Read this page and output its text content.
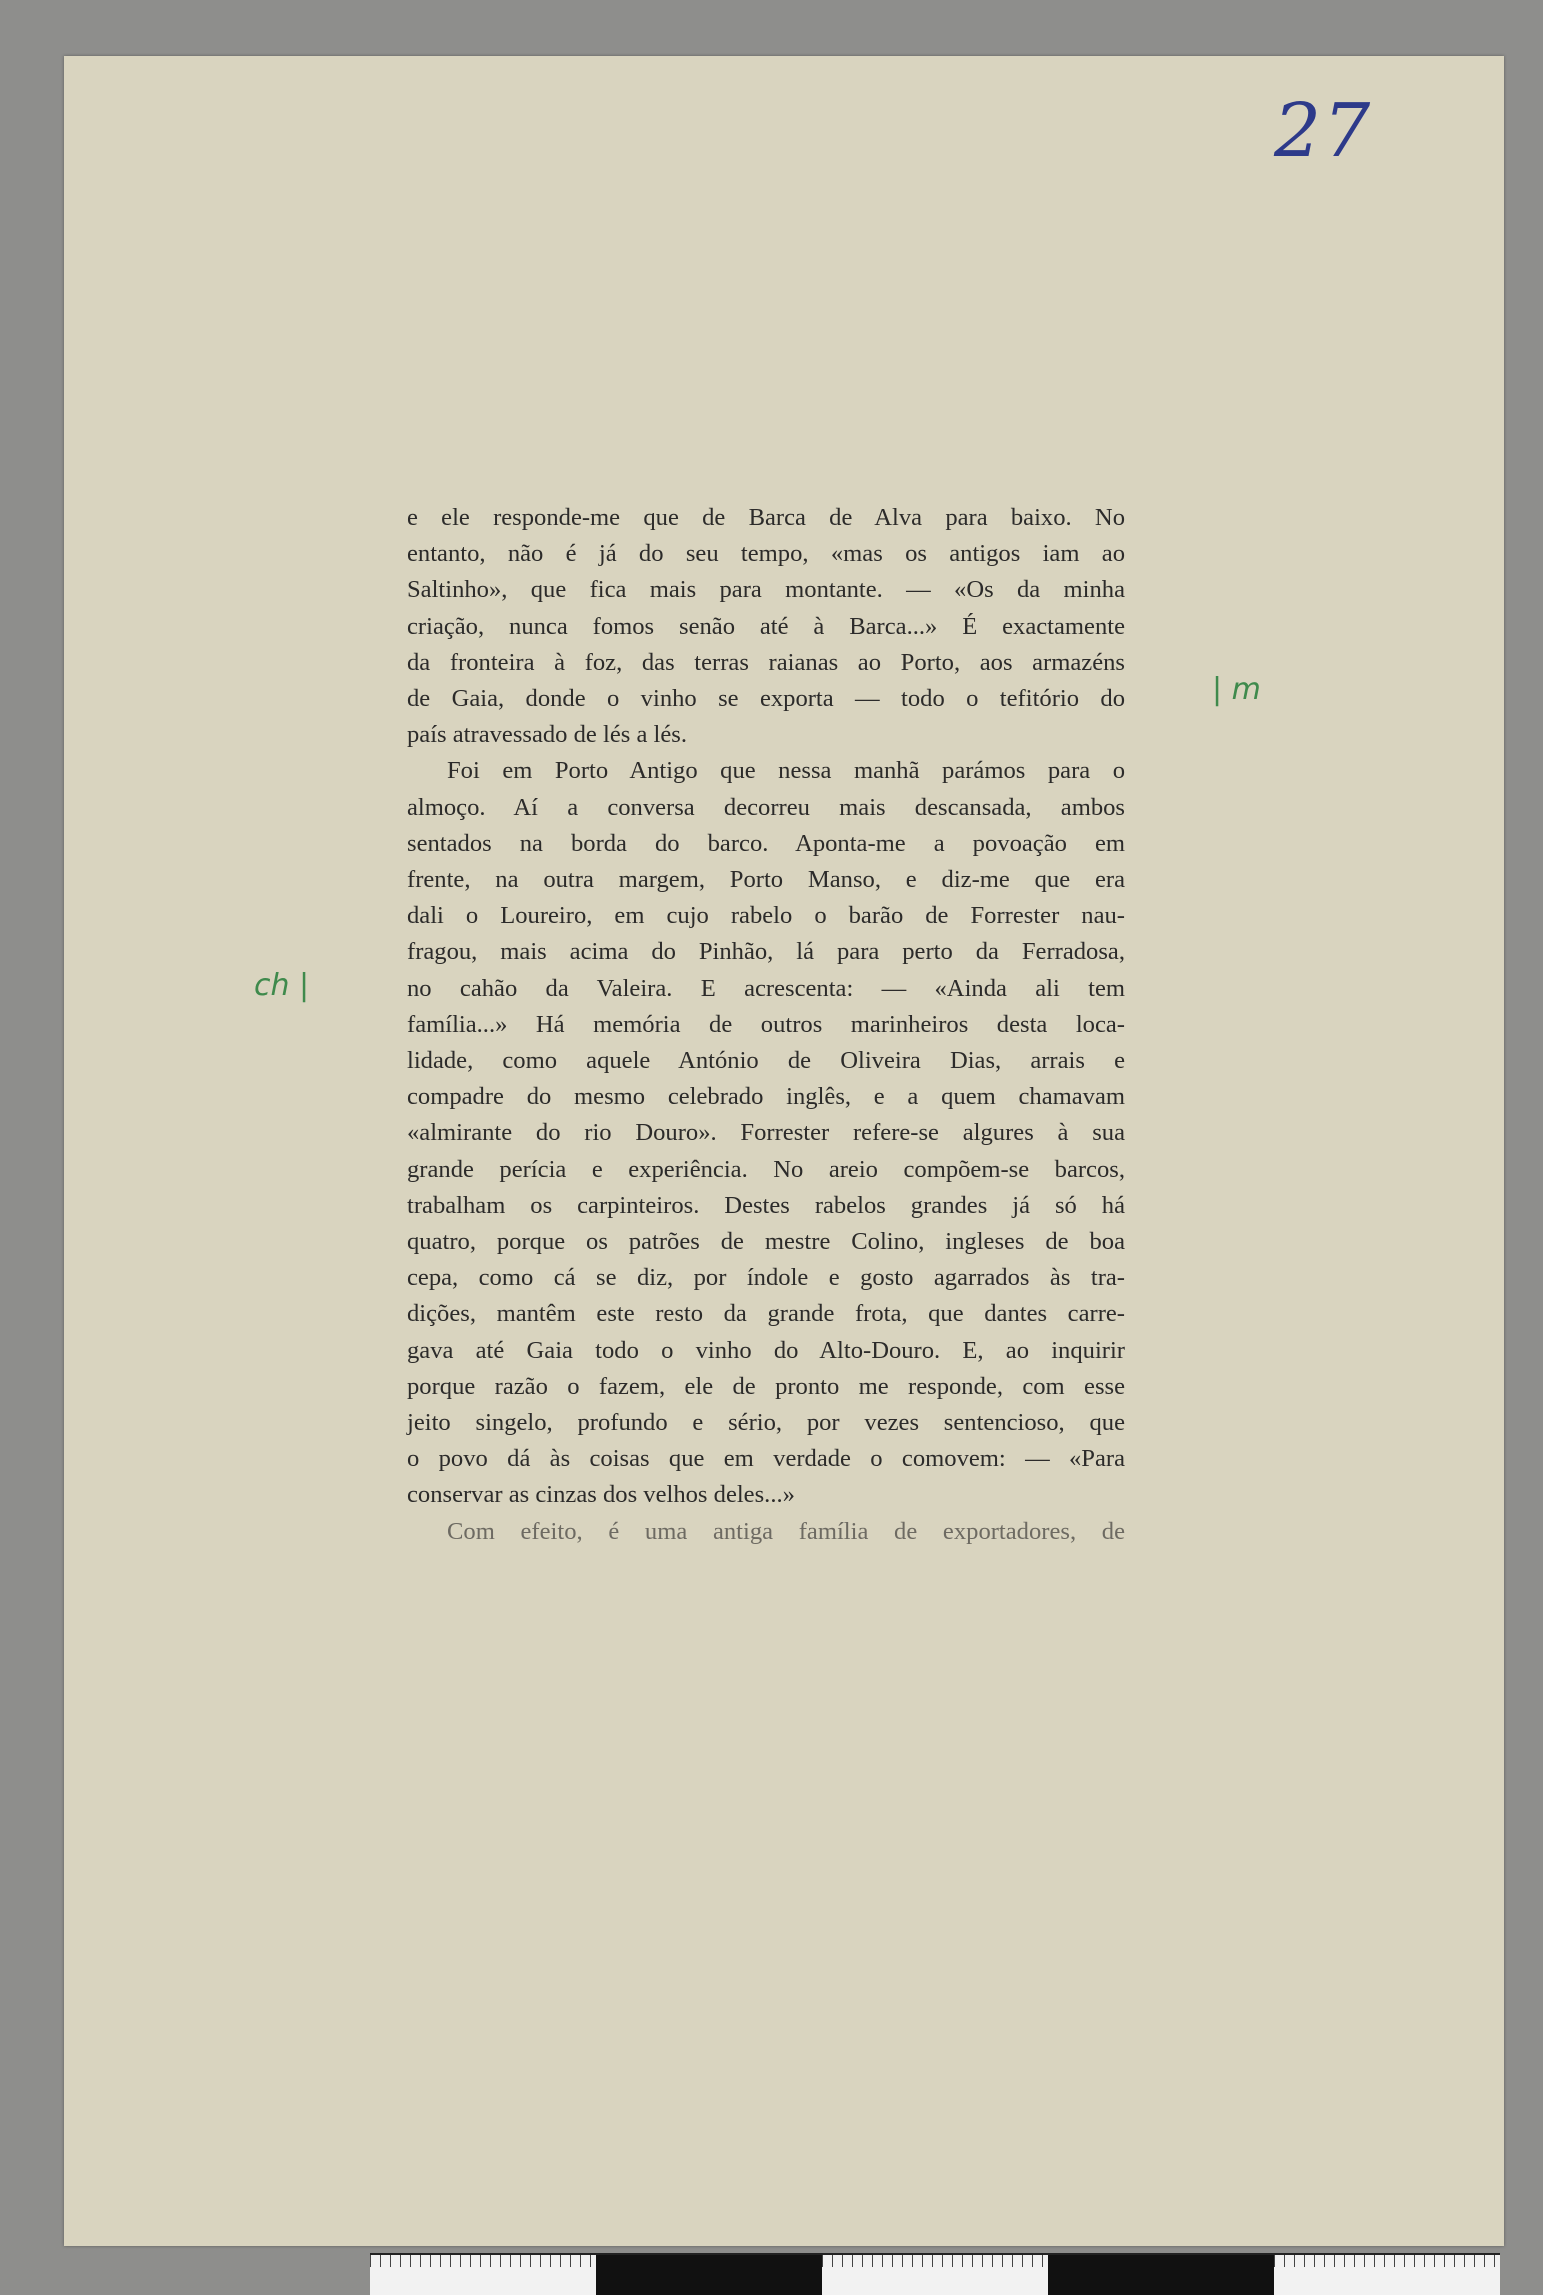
27
e ele responde-me que de Barca de Alva para baixo. No
entanto, não é já do seu tempo, «mas os antigos iam ao
Saltinho», que fica mais para montante. — «Os da minha
criação, nunca fomos senão até à Barca...» É exactamente
da fronteira à foz, das terras raianas ao Porto, aos armazéns
de Gaia, donde o vinho se exporta — todo o tefitório do
país atravessado de lés a lés.
Foi em Porto Antigo que nessa manhã parámos para o
almoço. Aí a conversa decorreu mais descansada, ambos
sentados na borda do barco. Aponta-me a povoação em
frente, na outra margem, Porto Manso, e diz-me que era
dali o Loureiro, em cujo rabelo o barão de Forrester nau-
fragou, mais acima do Pinhão, lá para perto da Ferradosa,
no cahão da Valeira. E acrescenta: — «Ainda ali tem
família...» Há memória de outros marinheiros desta loca-
lidade, como aquele António de Oliveira Dias, arrais e
compadre do mesmo celebrado inglês, e a quem chamavam
«almirante do rio Douro». Forrester refere-se algures à sua
grande perícia e experiência. No areio compõem-se barcos,
trabalham os carpinteiros. Destes rabelos grandes já só há
quatro, porque os patrões de mestre Colino, ingleses de boa
cepa, como cá se diz, por índole e gosto agarrados às tra-
dições, mantêm este resto da grande frota, que dantes carre-
gava até Gaia todo o vinho do Alto-Douro. E, ao inquirir
porque razão o fazem, ele de pronto me responde, com esse
jeito singelo, profundo e sério, por vezes sentencioso, que
o povo dá às coisas que em verdade o comovem: — «Para
conservar as cinzas dos velhos deles...»
Com efeito, é uma antiga família de exportadores, de
| m
ch |
